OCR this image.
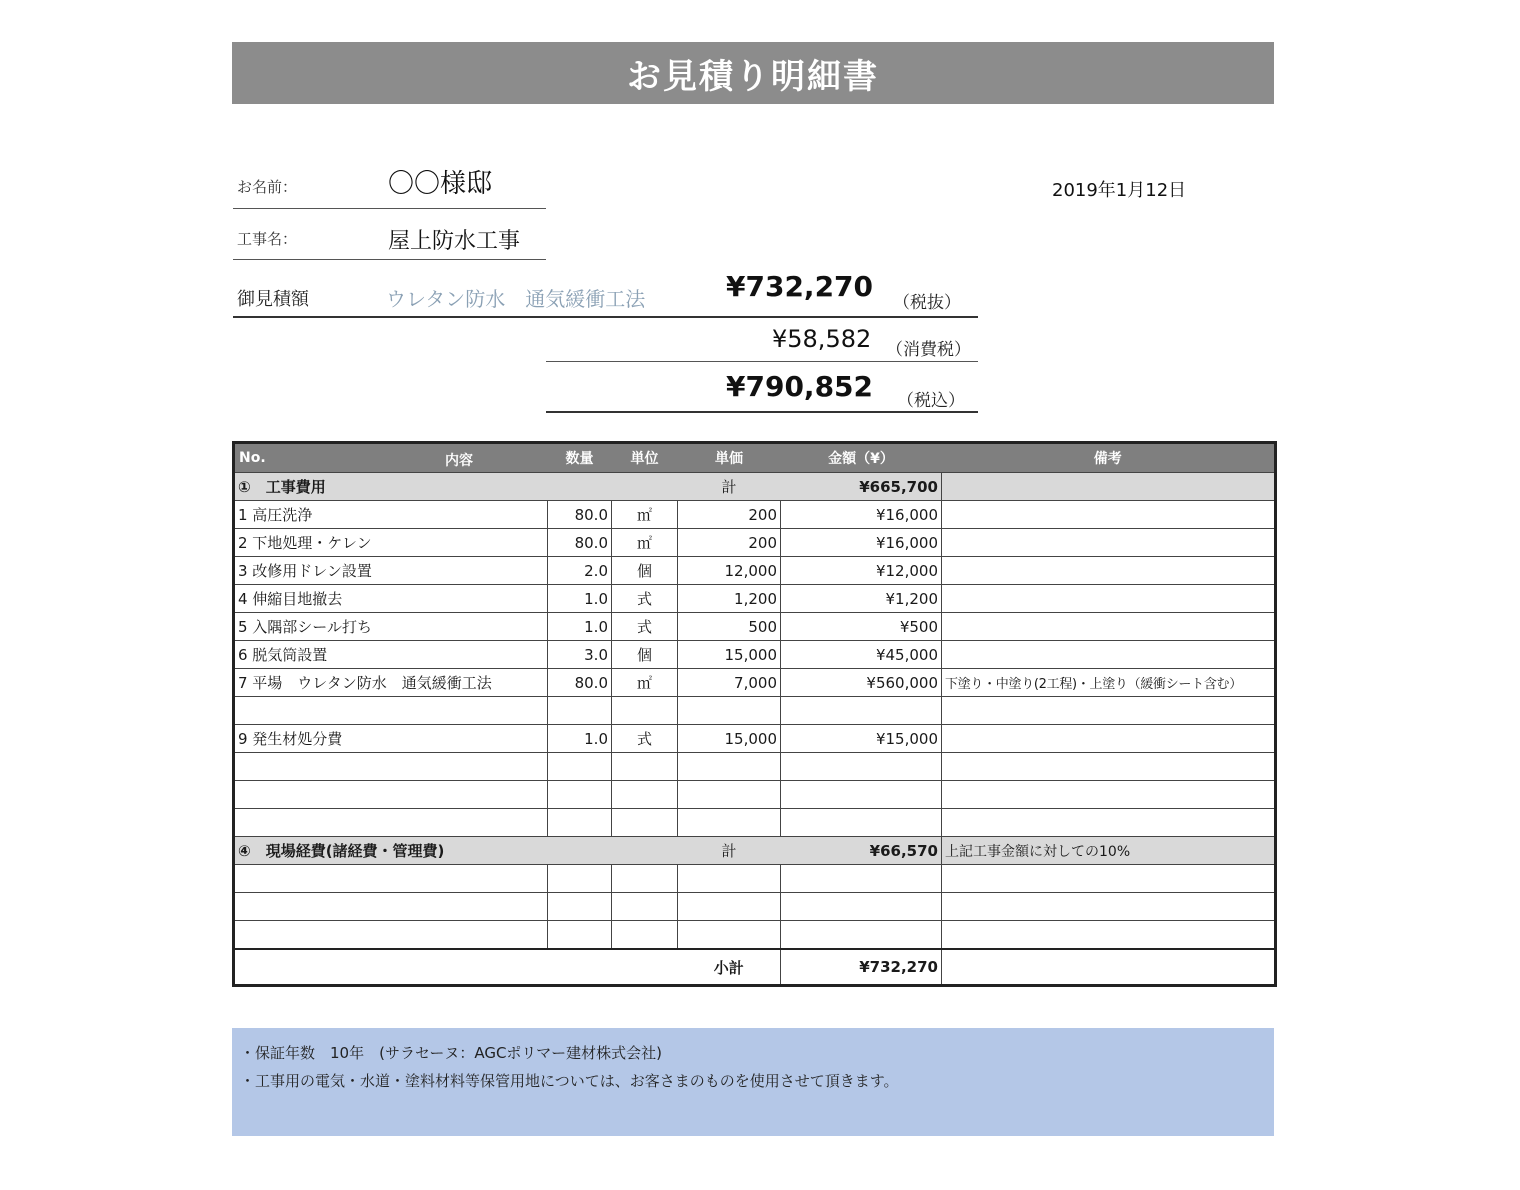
お見積り明細書
お名前：	〇〇様邸	2019年1月12日
工事名：	屋上防水工事
御見積額	ウレタン防水　通気緩衝工法	¥732,270 （税抜）
¥58,582 （消費税）
¥790,852 （税込）
No. 内容	数量	単位	単価	金額（¥）	備考
①　工事費用			計	¥665,700	
1 高圧洗浄	80.0	㎡	200	¥16,000	
2 下地処理・ケレン	80.0	㎡	200	¥16,000	
3 改修用ドレン設置	2.0	個	12,000	¥12,000	
4 伸縮目地撤去	1.0	式	1,200	¥1,200	
5 入隅部シール打ち	1.0	式	500	¥500	
6 脱気筒設置	3.0	個	15,000	¥45,000	
7 平場　ウレタン防水　通気緩衝工法	80.0	㎡	7,000	¥560,000	下塗り・中塗り(2工程)・上塗り（緩衝シート含む）

9 発生材処分費	1.0	式	15,000	¥15,000	

④　現場経費(諸経費・管理費)			計	¥66,570	上記工事金額に対しての10%

			小計	¥732,270	
・保証年数　10年　(サラセーヌ：AGCポリマー建材株式会社)
・工事用の電気・水道・塗料材料等保管用地については、お客さまのものを使用させて頂きます。
